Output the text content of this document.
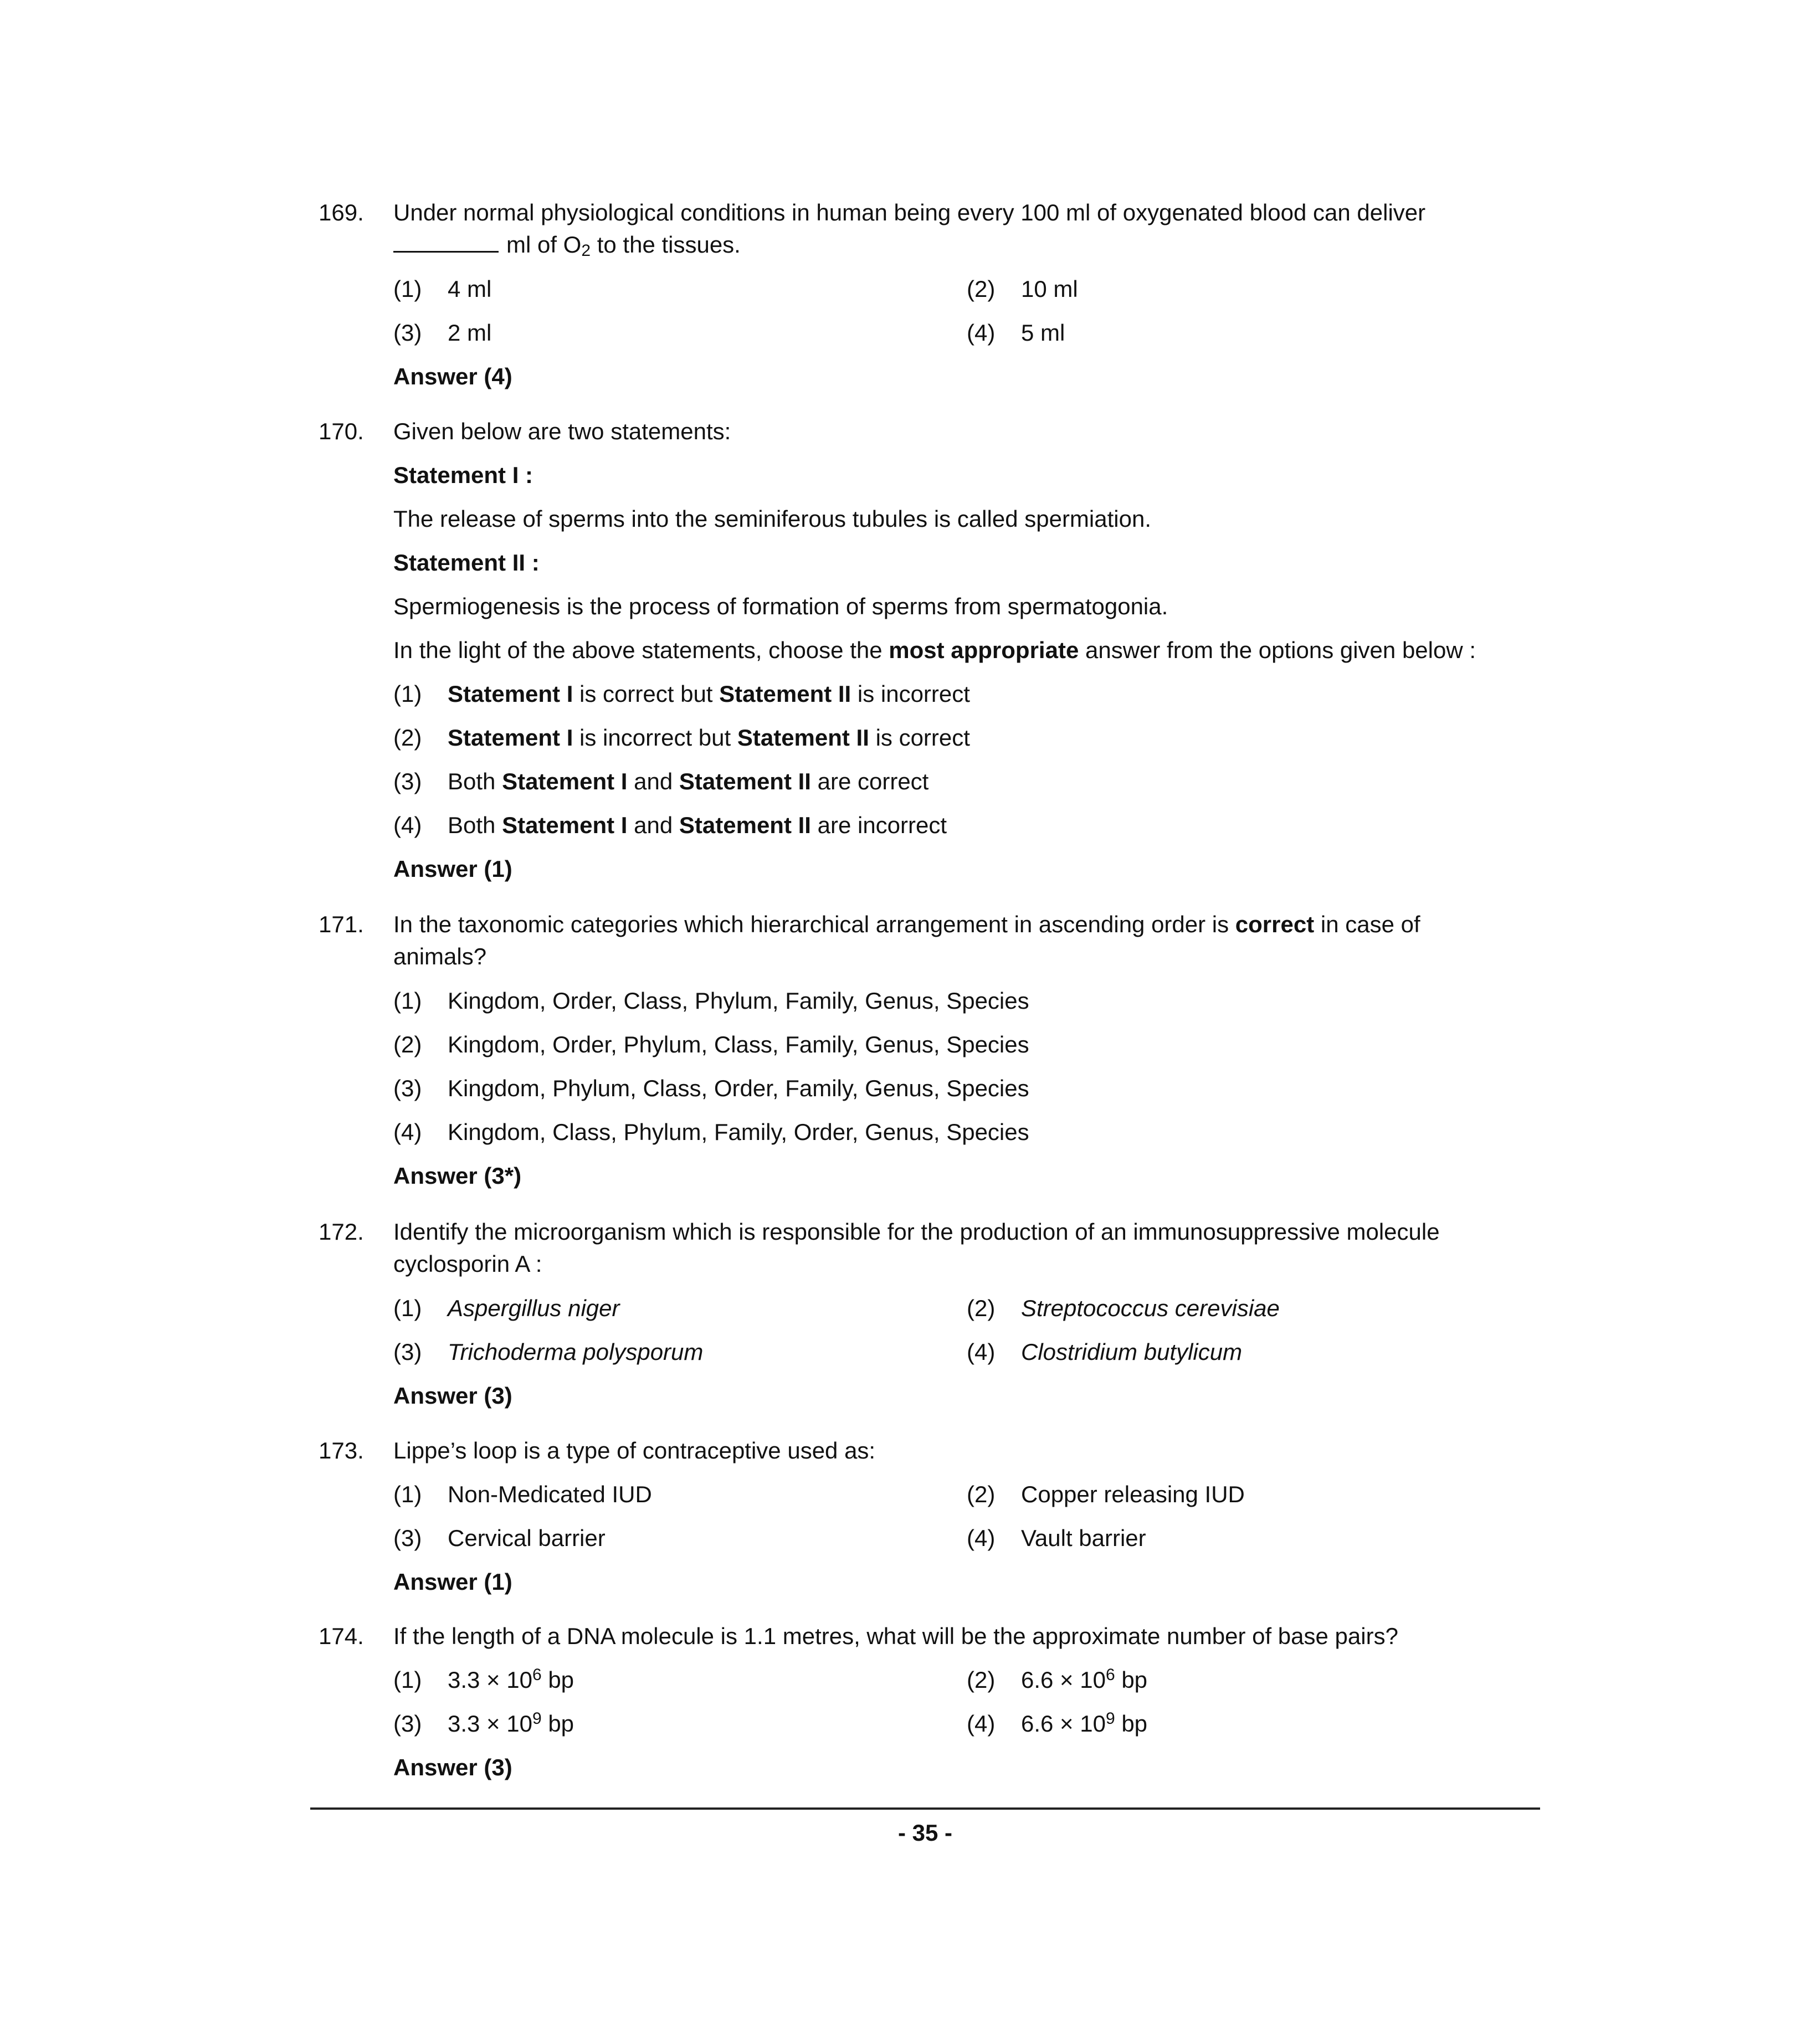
169.	Under normal physiological conditions in human being every 100 ml of oxygenated blood can deliver
ml of $O_2$ to the tissues.

(1) 4 ml	(2) 10 ml
(3) 2 ml	(4) 5 ml
Answer (4)
170.	Given below are two statements:
Statement I :
The release of sperms into the seminiferous tubules is called spermiation.
Statement II :
Spermiogenesis is the process of formation of sperms from spermatogonia.
In the light of the above statements, choose the most appropriate answer from the options given below :
(1) Statement I is correct but Statement II is incorrect
(2) Statement I is incorrect but Statement II is correct
(3) Both Statement I and Statement II are correct
(4) Both Statement I and Statement II are incorrect
Answer (1)
171.	In the taxonomic categories which hierarchical arrangement in ascending order is correct in case of
animals?

(1) Kingdom, Order, Class, Phylum, Family, Genus, Species
(2) Kingdom, Order, Phylum, Class, Family, Genus, Species
(3) Kingdom, Phylum, Class, Order, Family, Genus, Species
(4) Kingdom, Class, Phylum, Family, Order, Genus, Species
Answer (3*)
172.	Identify the microorganism which is responsible for the production of an immunosuppressive molecule
cyclosporin A :

(1) Aspergillus niger	(2) Streptococcus cerevisiae
(3) Trichoderma polysporum	(4) Clostridium butylicum
Answer (3)
173.	Lippe’s loop is a type of contraceptive used as:
(1) Non-Medicated IUD	(2) Copper releasing IUD
(3) Cervical barrier	(4) Vault barrier
Answer (1)
174.	If the length of a DNA molecule is 1.1 metres, what will be the approximate number of base pairs?
(1) $3.3 \times 10^6$ bp	(2) $6.6 \times 10^6$ bp
(3) $3.3 \times 10^9$ bp	(4) $6.6 \times 10^9$ bp
Answer (3)
- 35 -
